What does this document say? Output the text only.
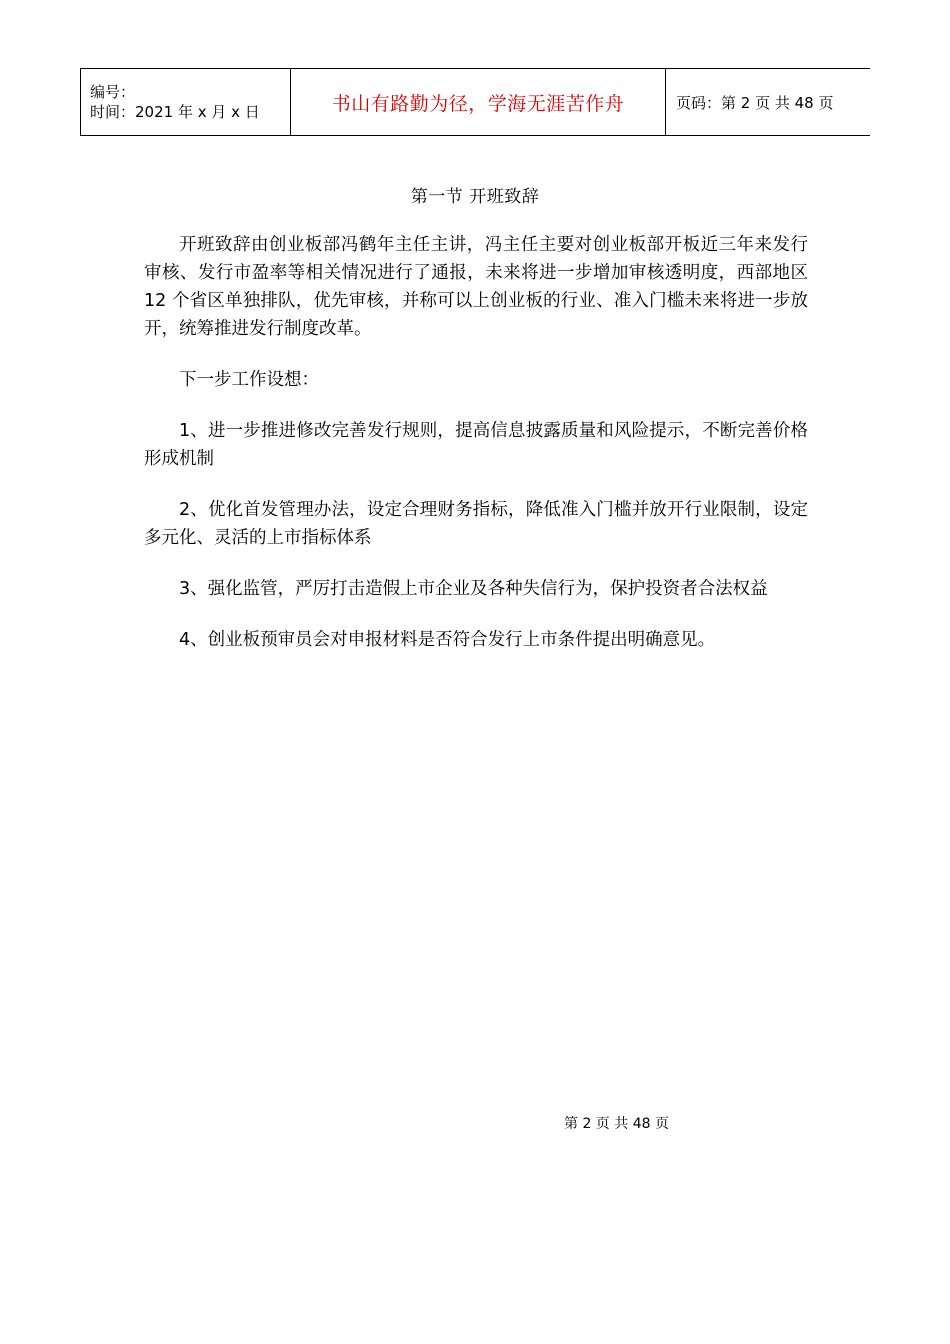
编号：
时间：2021 年 x 月 x 日	书山有路勤为径，学海无涯苦作舟	页码：第 2 页 共 48 页
第一节 开班致辞

开班致辞由创业板部冯鹤年主任主讲，冯主任主要对创业板部开板近三年来发行审核、发行市盈率等相关情况进行了通报，未来将进一步增加审核透明度，西部地区 12 个省区单独排队，优先审核，并称可以上创业板的行业、准入门槛未来将进一步放开，统筹推进发行制度改革。

下一步工作设想：

1、进一步推进修改完善发行规则，提高信息披露质量和风险提示，不断完善价格形成机制

2、优化首发管理办法，设定合理财务指标，降低准入门槛并放开行业限制，设定多元化、灵活的上市指标体系

3、强化监管，严厉打击造假上市企业及各种失信行为，保护投资者合法权益

4、创业板预审员会对申报材料是否符合发行上市条件提出明确意见。

第 2 页 共 48 页
